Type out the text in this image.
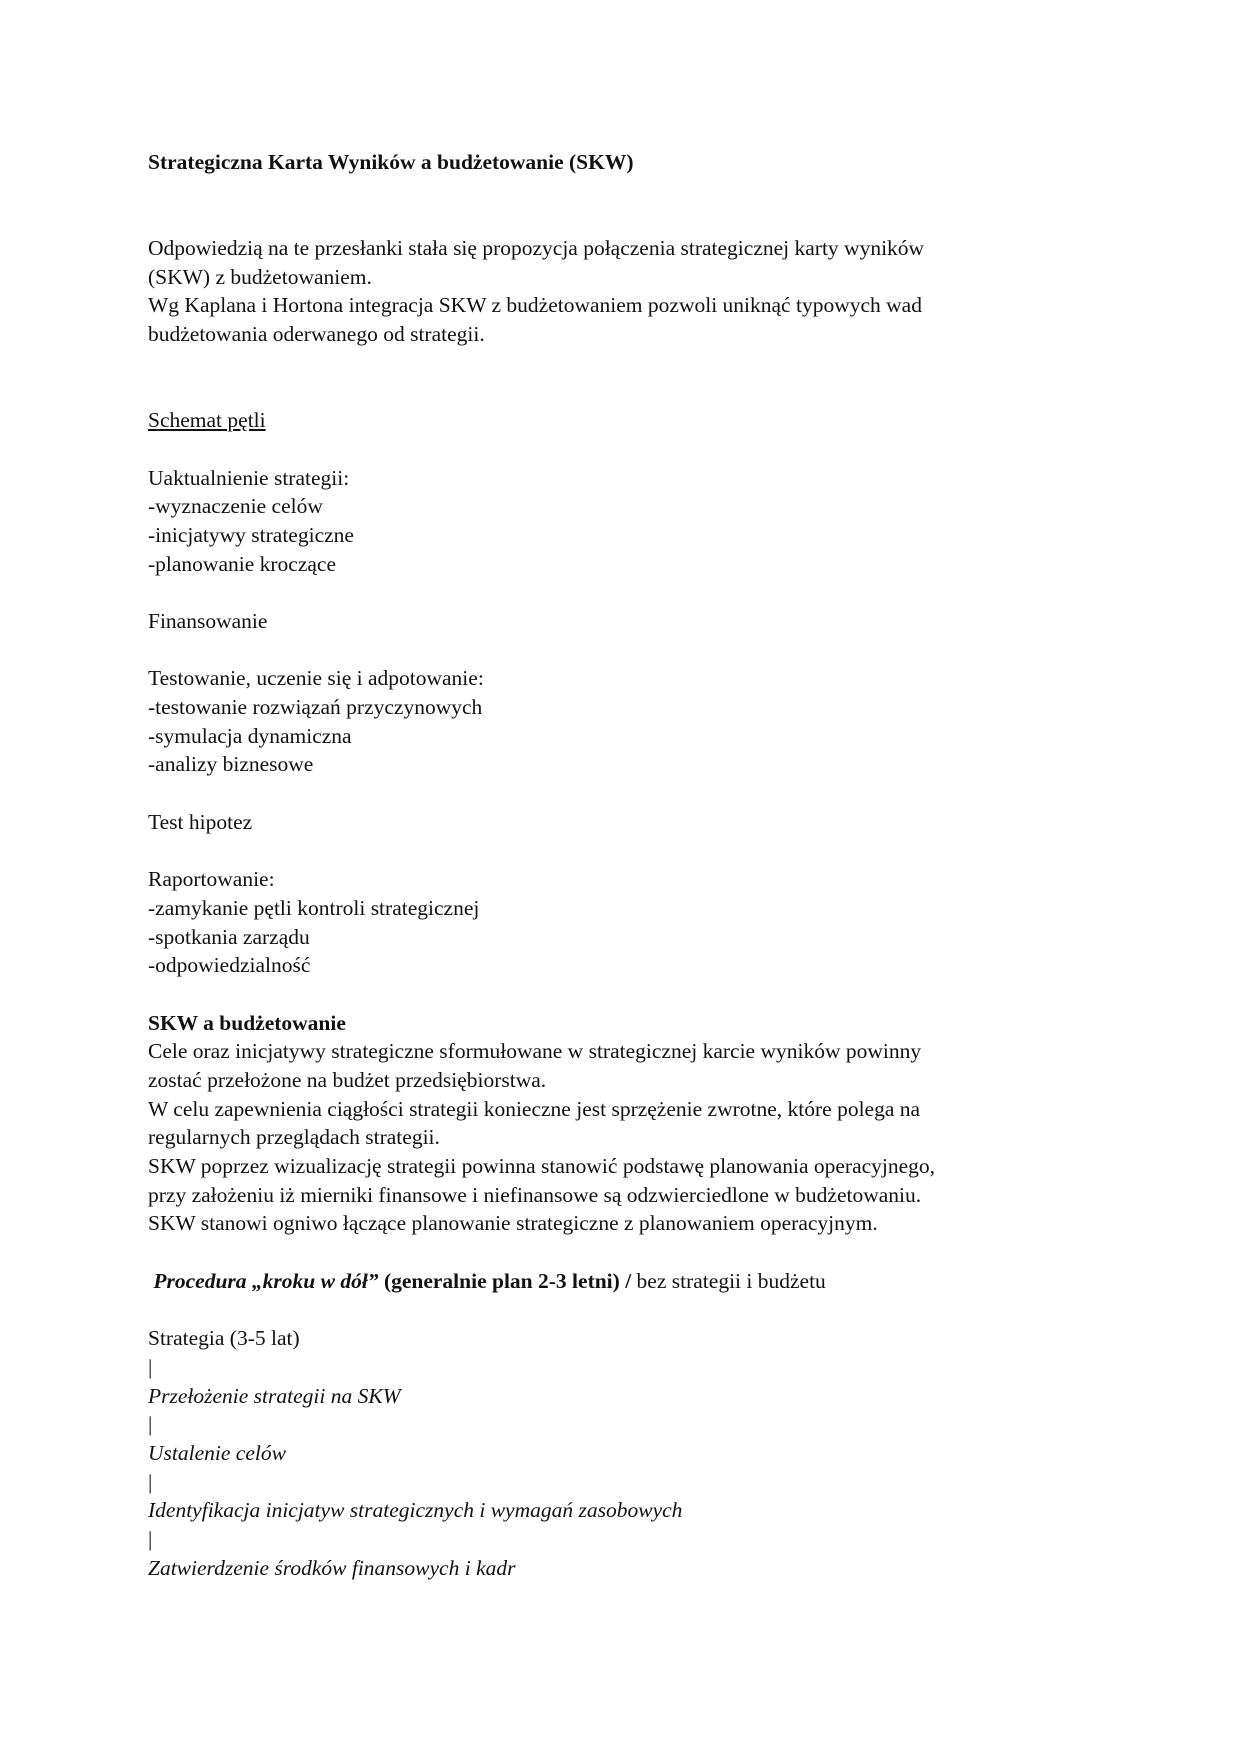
Strategiczna Karta Wyników a budżetowanie (SKW)
Odpowiedzią na te przesłanki stała się propozycja połączenia strategicznej karty wyników
(SKW) z budżetowaniem.
Wg Kaplana i Hortona integracja SKW z budżetowaniem pozwoli uniknąć typowych wad
budżetowania oderwanego od strategii.
Schemat pętli
Uaktualnienie strategii:
-wyznaczenie celów
-inicjatywy strategiczne
-planowanie kroczące
Finansowanie
Testowanie, uczenie się i adpotowanie:
-testowanie rozwiązań przyczynowych
-symulacja dynamiczna
-analizy biznesowe
Test hipotez
Raportowanie:
-zamykanie pętli kontroli strategicznej
-spotkania zarządu
-odpowiedzialność
SKW a budżetowanie
Cele oraz inicjatywy strategiczne sformułowane w strategicznej karcie wyników powinny
zostać przełożone na budżet przedsiębiorstwa.
W celu zapewnienia ciągłości strategii konieczne jest sprzężenie zwrotne, które polega na
regularnych przeglądach strategii.
SKW poprzez wizualizację strategii powinna stanowić podstawę planowania operacyjnego,
przy założeniu iż mierniki finansowe i niefinansowe są odzwierciedlone w budżetowaniu.
SKW stanowi ogniwo łączące planowanie strategiczne z planowaniem operacyjnym.
Procedura „kroku w dół” (generalnie plan 2-3 letni) / bez strategii i budżetu
Strategia (3-5 lat)
|
Przełożenie strategii na SKW
|
Ustalenie celów
|
Identyfikacja inicjatyw strategicznych i wymagań zasobowych
|
Zatwierdzenie środków finansowych i kadr
